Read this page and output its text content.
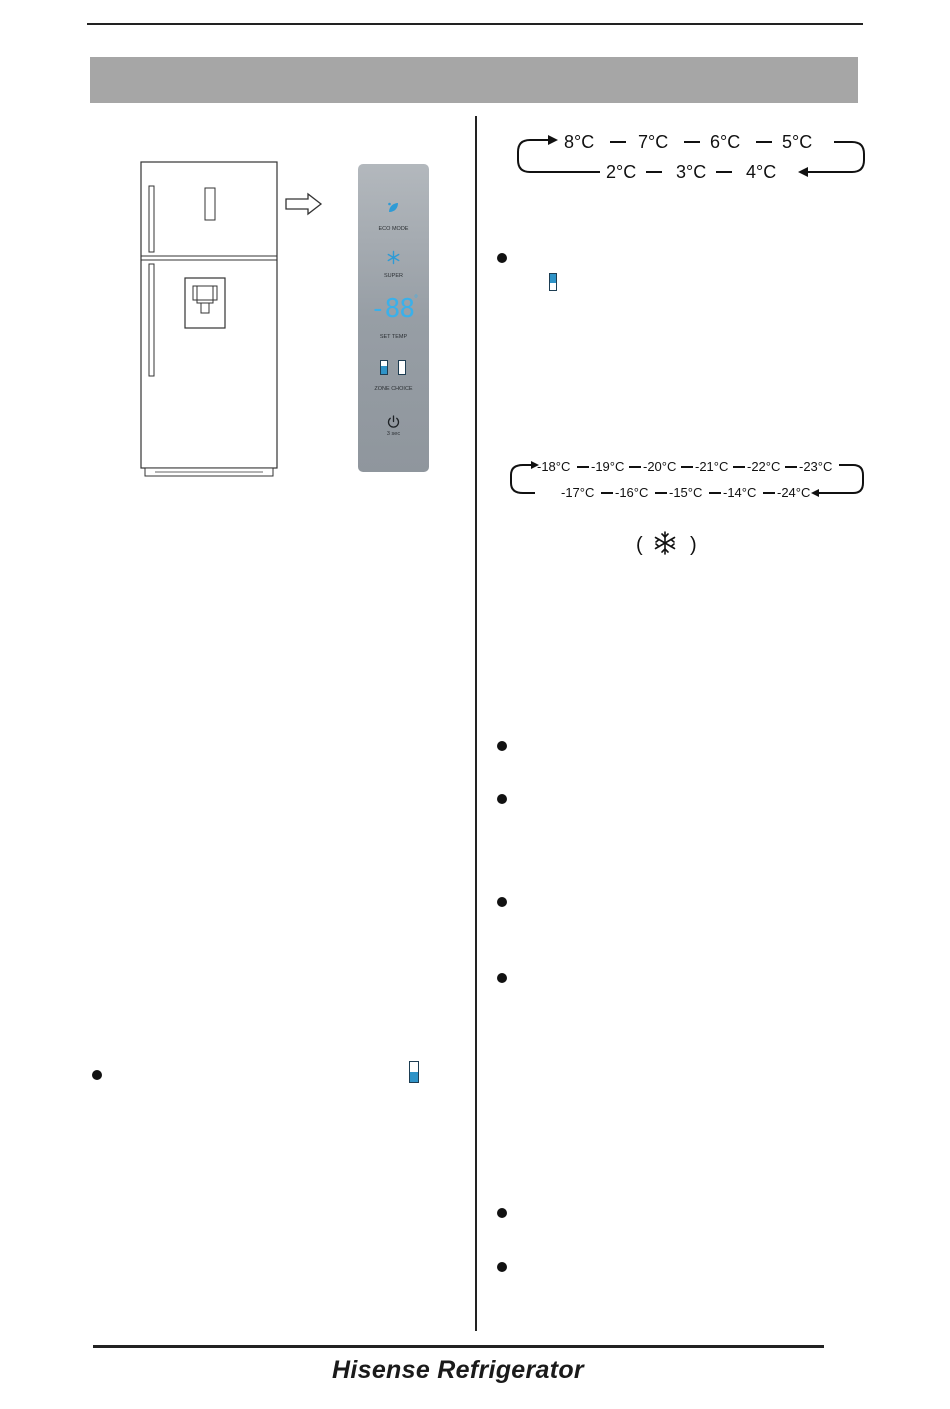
ECO MODE
SUPER
-88 °
SET TEMP
ZONE CHOICE
3 sec
8°C 7°C 6°C 5°C
2°C 3°C 4°C
-18°C -19°C -20°C -21°C -22°C -23°C
-17°C -16°C -15°C -14°C -24°C
( )
Hisense Refrigerator
